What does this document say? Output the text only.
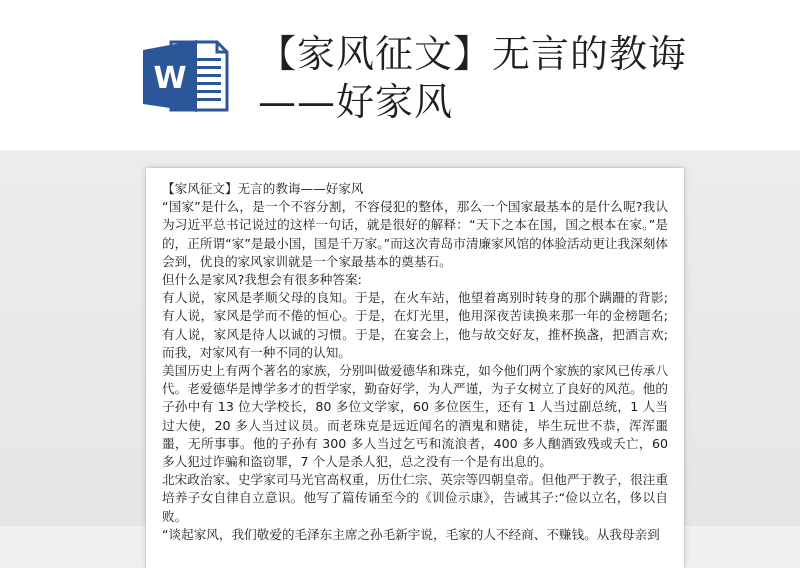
W
【家风征文】无言的教诲——好家风

【家风征文】无言的教诲——好家风

“国家”是什么，是一个不容分割，不容侵犯的整体，那么一个国家最基本的是什么呢?我认为习近平总书记说过的这样一句话，就是很好的解释：“天下之本在国，国之根本在家。”是的，正所谓“家”是最小国，国是千万家。”而这次青岛市清廉家风馆的体验活动更让我深刻体会到，优良的家风家训就是一个家最基本的奠基石。

但什么是家风?我想会有很多种答案:

有人说，家风是孝顺父母的良知。于是，在火车站，他望着离别时转身的那个蹒跚的背影;有人说，家风是学而不倦的恒心。于是，在灯光里，他用深夜苦读换来那一年的金榜题名;有人说，家风是待人以诚的习惯。于是，在宴会上，他与故交好友，推杯换盏，把酒言欢;而我，对家风有一种不同的认知。

美国历史上有两个著名的家族，分别叫做爱德华和珠克，如今他们两个家族的家风已传承八代。老爱德华是博学多才的哲学家，勤奋好学，为人严谨，为子女树立了良好的风范。他的子孙中有 13 位大学校长，80 多位文学家，60 多位医生，还有 1 人当过副总统，1 人当过大使，20 多人当过议员。而老珠克是远近闻名的酒鬼和赌徒，毕生玩世不恭，浑浑噩噩，无所事事。他的子孙有 300 多人当过乞丐和流浪者，400 多人酗酒致残或夭亡，60 多人犯过诈骗和盗窃罪，7 个人是杀人犯，总之没有一个是有出息的。

北宋政治家、史学家司马光官高权重，历仕仁宗、英宗等四朝皇帝。但他严于教子，很注重培养子女自律自立意识。他写了篇传诵至今的《训俭示康》，告诫其子:“俭以立名，侈以自败。

“谈起家风，我们敬爱的毛泽东主席之孙毛新宇说，毛家的人不经商、不赚钱。从我母亲到
